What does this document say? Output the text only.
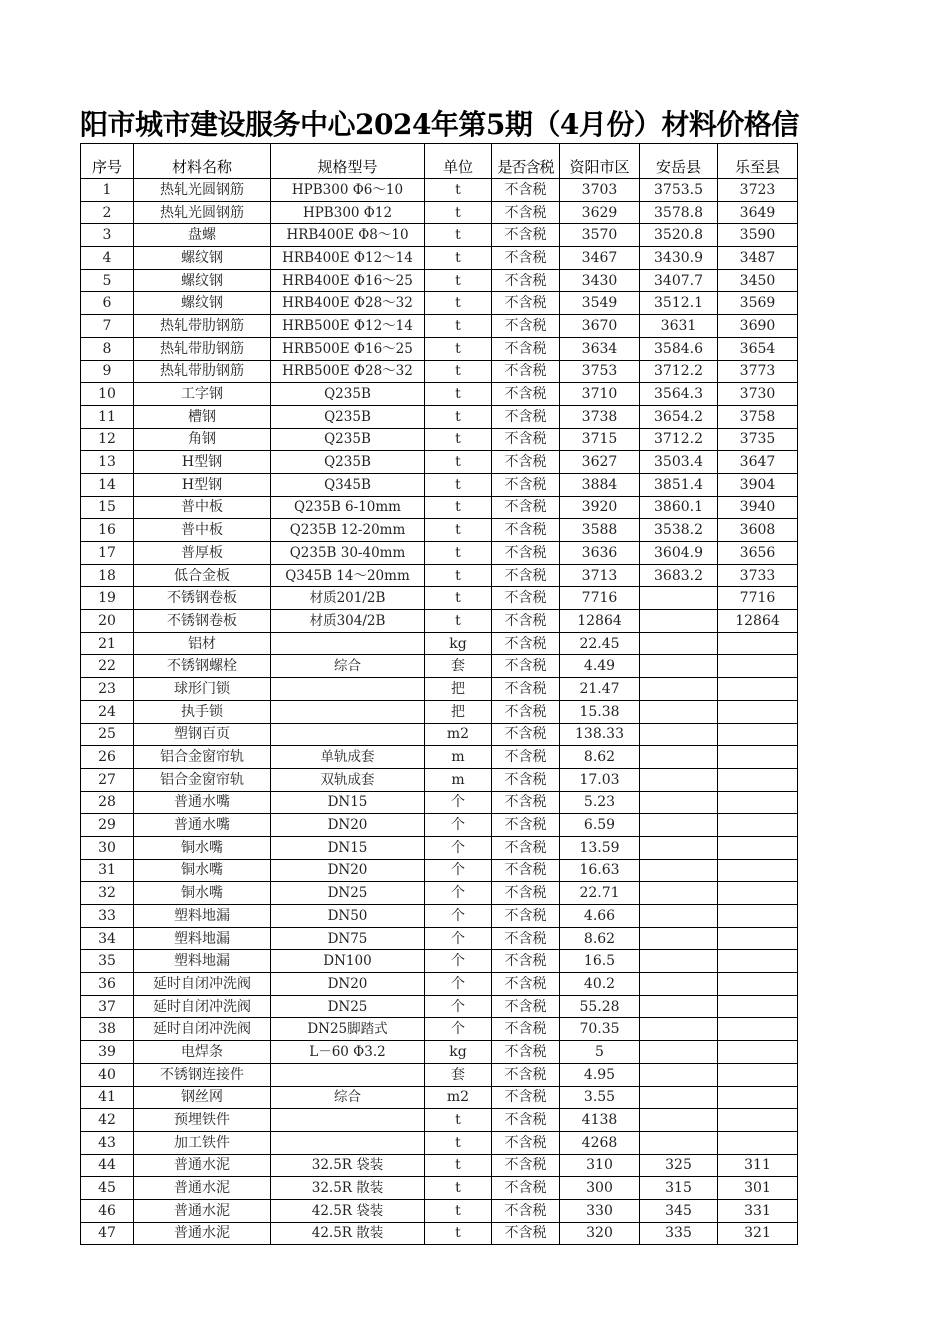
阳市城市建设服务中心2024年第5期（4月份）材料价格信
序号	材料名称	规格型号	单位	是否含税	资阳市区	安岳县	乐至县
1	热轧光圆钢筋	HPB300 Φ6～10	t	不含税	3703	3753.5	3723
2	热轧光圆钢筋	HPB300 Φ12	t	不含税	3629	3578.8	3649
3	盘螺	HRB400E Φ8～10	t	不含税	3570	3520.8	3590
4	螺纹钢	HRB400E Φ12～14	t	不含税	3467	3430.9	3487
5	螺纹钢	HRB400E Φ16～25	t	不含税	3430	3407.7	3450
6	螺纹钢	HRB400E Φ28～32	t	不含税	3549	3512.1	3569
7	热轧带肋钢筋	HRB500E Φ12～14	t	不含税	3670	3631	3690
8	热轧带肋钢筋	HRB500E Φ16～25	t	不含税	3634	3584.6	3654
9	热轧带肋钢筋	HRB500E Φ28～32	t	不含税	3753	3712.2	3773
10	工字钢	Q235B	t	不含税	3710	3564.3	3730
11	槽钢	Q235B	t	不含税	3738	3654.2	3758
12	角钢	Q235B	t	不含税	3715	3712.2	3735
13	H型钢	Q235B	t	不含税	3627	3503.4	3647
14	H型钢	Q345B	t	不含税	3884	3851.4	3904
15	普中板	Q235B 6-10mm	t	不含税	3920	3860.1	3940
16	普中板	Q235B 12-20mm	t	不含税	3588	3538.2	3608
17	普厚板	Q235B 30-40mm	t	不含税	3636	3604.9	3656
18	低合金板	Q345B 14～20mm	t	不含税	3713	3683.2	3733
19	不锈钢卷板	材质201/2B	t	不含税	7716		7716
20	不锈钢卷板	材质304/2B	t	不含税	12864		12864
21	铝材		kg	不含税	22.45		
22	不锈钢螺栓	综合	套	不含税	4.49		
23	球形门锁		把	不含税	21.47		
24	执手锁		把	不含税	15.38		
25	塑钢百页		m2	不含税	138.33		
26	铝合金窗帘轨	单轨成套	m	不含税	8.62		
27	铝合金窗帘轨	双轨成套	m	不含税	17.03		
28	普通水嘴	DN15	个	不含税	5.23		
29	普通水嘴	DN20	个	不含税	6.59		
30	铜水嘴	DN15	个	不含税	13.59		
31	铜水嘴	DN20	个	不含税	16.63		
32	铜水嘴	DN25	个	不含税	22.71		
33	塑料地漏	DN50	个	不含税	4.66		
34	塑料地漏	DN75	个	不含税	8.62		
35	塑料地漏	DN100	个	不含税	16.5		
36	延时自闭冲洗阀	DN20	个	不含税	40.2		
37	延时自闭冲洗阀	DN25	个	不含税	55.28		
38	延时自闭冲洗阀	DN25脚踏式	个	不含税	70.35		
39	电焊条	L－60 Φ3.2	kg	不含税	5		
40	不锈钢连接件		套	不含税	4.95		
41	钢丝网	综合	m2	不含税	3.55		
42	预埋铁件		t	不含税	4138		
43	加工铁件		t	不含税	4268		
44	普通水泥	32.5R 袋装	t	不含税	310	325	311
45	普通水泥	32.5R 散装	t	不含税	300	315	301
46	普通水泥	42.5R 袋装	t	不含税	330	345	331
47	普通水泥	42.5R 散装	t	不含税	320	335	321
